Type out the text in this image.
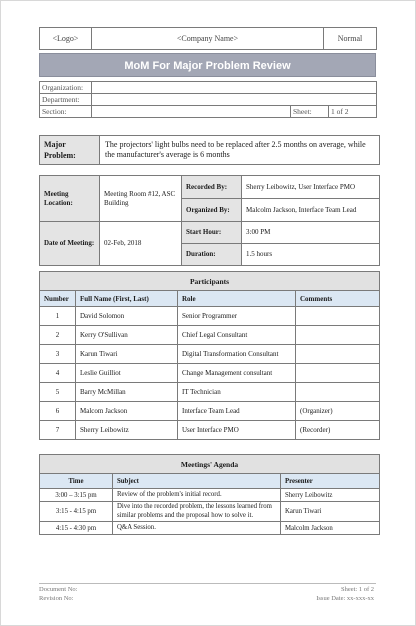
<Logo>	<Company Name>	Normal
MoM For Major Problem Review
Organization:			
Department:			
Section:		Sheet:	1 of 2
Major Problem:	The projectors' light bulbs need to be replaced after 2.5 months on average, while the manufacturer's average is 6 months
Meeting Location:	Meeting Room #12, ASC Building	Recorded By:	Sherry Leibowitz, User Interface PMO
		Organized By:	Malcolm Jackson, Interface Team Lead
Date of Meeting:	02-Feb, 2018	Start Hour:	3:00 PM
		Duration:	1.5 hours
Participants			
Number	Full Name (First, Last)	Role	Comments
1	David Solomon	Senior Programmer	
2	Kerry O'Sullivan	Chief Legal Consultant	
3	Karun Tiwari	Digital Transformation Consultant	
4	Leslie Guilliot	Change Management consultant	
5	Barry McMillan	IT Technician	
6	Malcom Jackson	Interface Team Lead	(Organizer)
7	Sherry Leibowitz	User Interface PMO	(Recorder)
Meetings' Agenda		
Time	Subject	Presenter
3:00 – 3:15 pm	Review of the problem's initial record.	Sherry Leibowitz
3:15 - 4:15 pm	Dive into the recorded problem, the lessons learned from similar problems and the proposal how to solve it.	Karun Tiwari
4:15 - 4:30 pm	Q&A Session.	Malcolm Jackson
Document No:
Revision No:
Sheet: 1 of 2
Issue Date: xx-xxx-xx
